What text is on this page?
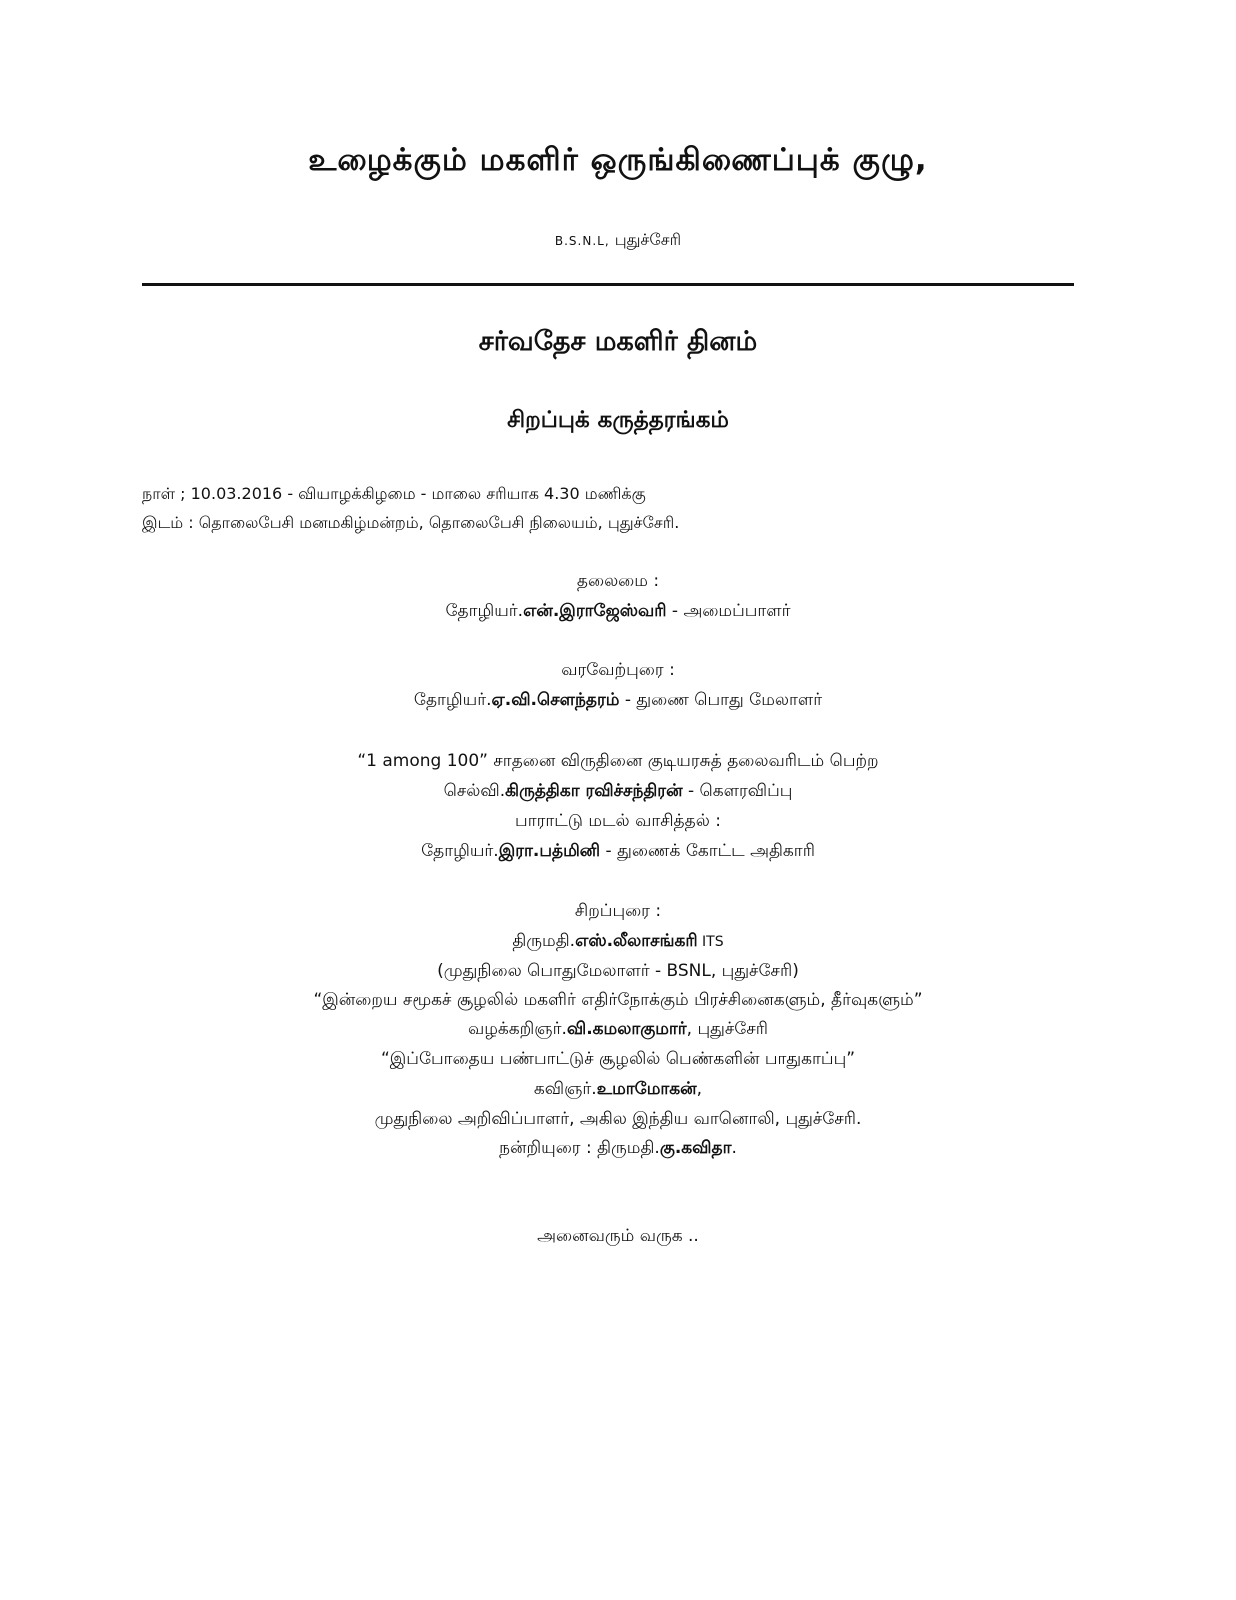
உழைக்கும் மகளிர் ஒருங்கிணைப்புக் குழு,
B.S.N.L, புதுச்சேரி
சர்வதேச மகளிர் தினம்
சிறப்புக் கருத்தரங்கம்
நாள் ; 10.03.2016 - வியாழக்கிழமை - மாலை சரியாக 4.30 மணிக்கு
இடம் : தொலைபேசி மனமகிழ்மன்றம், தொலைபேசி நிலையம், புதுச்சேரி.
தலைமை :
தோழியர்.என்.இராஜேஸ்வரி - அமைப்பாளர்
வரவேற்புரை :
தோழியர்.ஏ.வி.சௌந்தரம் - துணை பொது மேலாளர்
“1 among 100” சாதனை விருதினை குடியரசுத் தலைவரிடம் பெற்ற
செல்வி.கிருத்திகா ரவிச்சந்திரன் - கௌரவிப்பு
பாராட்டு மடல் வாசித்தல் :
தோழியர்.இரா.பத்மினி - துணைக் கோட்ட அதிகாரி
சிறப்புரை :
திருமதி.எஸ்.லீலாசங்கரி ITS
(முதுநிலை பொதுமேலாளர் - BSNL, புதுச்சேரி)
“இன்றைய சமூகச் சூழலில் மகளிர் எதிர்நோக்கும் பிரச்சினைகளும், தீர்வுகளும்”
வழக்கறிஞர்.வி.கமலாகுமார், புதுச்சேரி
“இப்போதைய பண்பாட்டுச் சூழலில் பெண்களின் பாதுகாப்பு”
கவிஞர்.உமாமோகன்,
முதுநிலை அறிவிப்பாளர், அகில இந்திய வானொலி, புதுச்சேரி.
நன்றியுரை : திருமதி.கு.கவிதா.
அனைவரும் வருக ..
